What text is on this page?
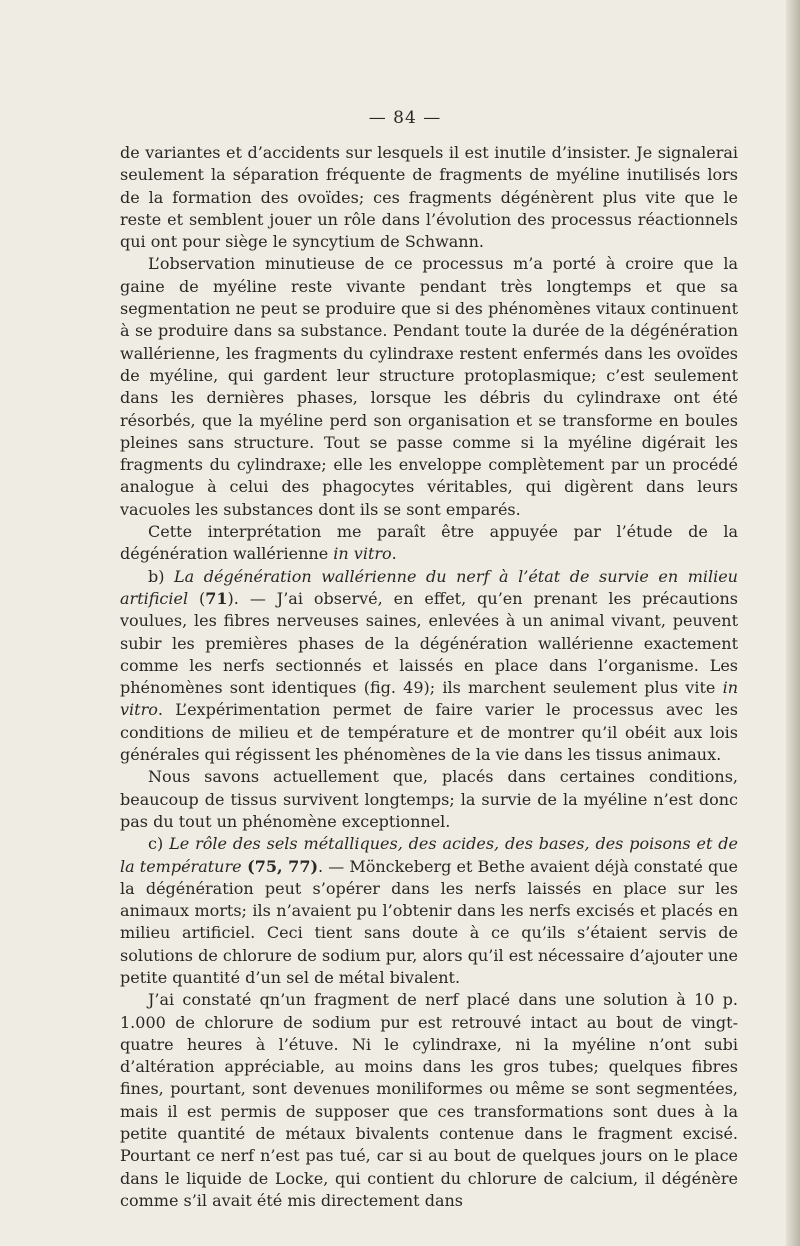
— 84 —

de variantes et d’accidents sur lesquels il est inutile d’insister. Je signalerai seulement la séparation fréquente de fragments de myéline inutilisés lors de la formation des ovoïdes; ces fragments dégénèrent plus vite que le reste et semblent jouer un rôle dans l’évolution des processus réactionnels qui ont pour siège le syncytium de Schwann.

L’observation minutieuse de ce processus m’a porté à croire que la gaine de myéline reste vivante pendant très longtemps et que sa segmentation ne peut se produire que si des phénomènes vitaux continuent à se produire dans sa substance. Pendant toute la durée de la dégénération wallérienne, les fragments du cylindraxe restent enfermés dans les ovoïdes de myéline, qui gardent leur structure protoplasmique; c’est seulement dans les dernières phases, lorsque les débris du cylindraxe ont été résorbés, que la myéline perd son organisation et se transforme en boules pleines sans structure. Tout se passe comme si la myéline digérait les fragments du cylindraxe; elle les enveloppe complètement par un procédé analogue à celui des phagocytes véritables, qui digèrent dans leurs vacuoles les substances dont ils se sont emparés.

Cette interprétation me paraît être appuyée par l’étude de la dégénération wallérienne in vitro.

b) La dégénération wallérienne du nerf à l’état de survie en milieu artificiel (71). — J’ai observé, en effet, qu’en prenant les précautions voulues, les fibres nerveuses saines, enlevées à un animal vivant, peuvent subir les premières phases de la dégénération wallérienne exactement comme les nerfs sectionnés et laissés en place dans l’organisme. Les phénomènes sont identiques (fig. 49); ils marchent seulement plus vite in vitro. L’expérimentation permet de faire varier le processus avec les conditions de milieu et de température et de montrer qu’il obéit aux lois générales qui régissent les phénomènes de la vie dans les tissus animaux.

Nous savons actuellement que, placés dans certaines conditions, beaucoup de tissus survivent longtemps; la survie de la myéline n’est donc pas du tout un phénomène exceptionnel.

c) Le rôle des sels métalliques, des acides, des bases, des poisons et de la température (75, 77). — Mönckeberg et Bethe avaient déjà constaté que la dégénération peut s’opérer dans les nerfs laissés en place sur les animaux morts; ils n’avaient pu l’obtenir dans les nerfs excisés et placés en milieu artificiel. Ceci tient sans doute à ce qu’ils s’étaient servis de solutions de chlorure de sodium pur, alors qu’il est nécessaire d’ajouter une petite quantité d’un sel de métal bivalent.

J’ai constaté qn’un fragment de nerf placé dans une solution à 10 p. 1.000 de chlorure de sodium pur est retrouvé intact au bout de vingt-quatre heures à l’étuve. Ni le cylindraxe, ni la myéline n’ont subi d’altération appréciable, au moins dans les gros tubes; quelques fibres fines, pourtant, sont devenues moniliformes ou même se sont segmentées, mais il est permis de supposer que ces transformations sont dues à la petite quantité de métaux bivalents contenue dans le fragment excisé. Pourtant ce nerf n’est pas tué, car si au bout de quelques jours on le place dans le liquide de Locke, qui contient du chlorure de calcium, il dégénère comme s’il avait été mis directement dans
